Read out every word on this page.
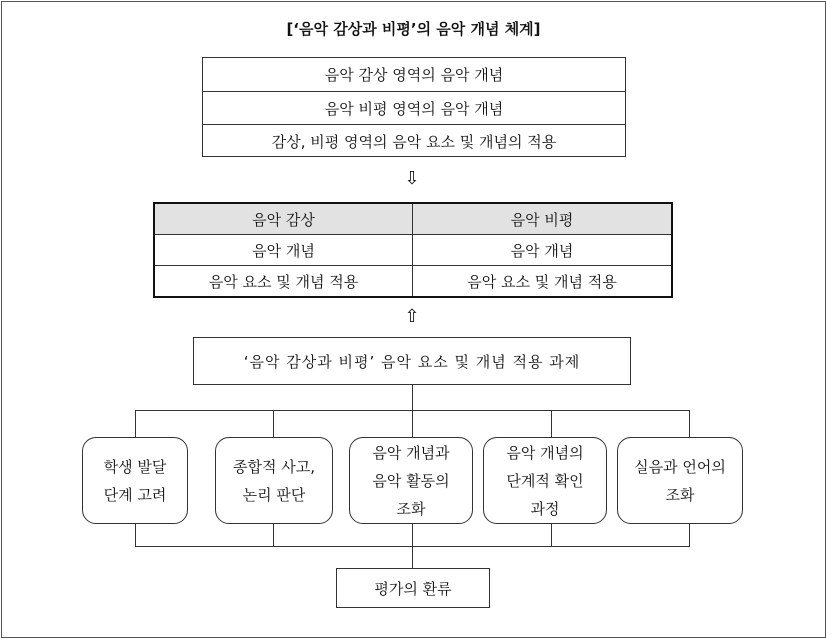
[‘음악 감상과 비평’의 음악 개념 체계]
음악 감상 영역의 음악 개념
음악 비평 영역의 음악 개념
감상, 비평 영역의 음악 요소 및 개념의 적용
⇩
음악 감상	음악 비평
음악 개념	음악 개념
음악 요소 및 개념 적용	음악 요소 및 개념 적용
⇧
‘음악 감상과 비평’ 음악 요소 및 개념 적용 과제
학생 발달
단계 고려
종합적 사고,
논리 판단
음악 개념과
음악 활동의
조화
음악 개념의
단계적 확인
과정
실음과 언어의
조화
평가의 환류
